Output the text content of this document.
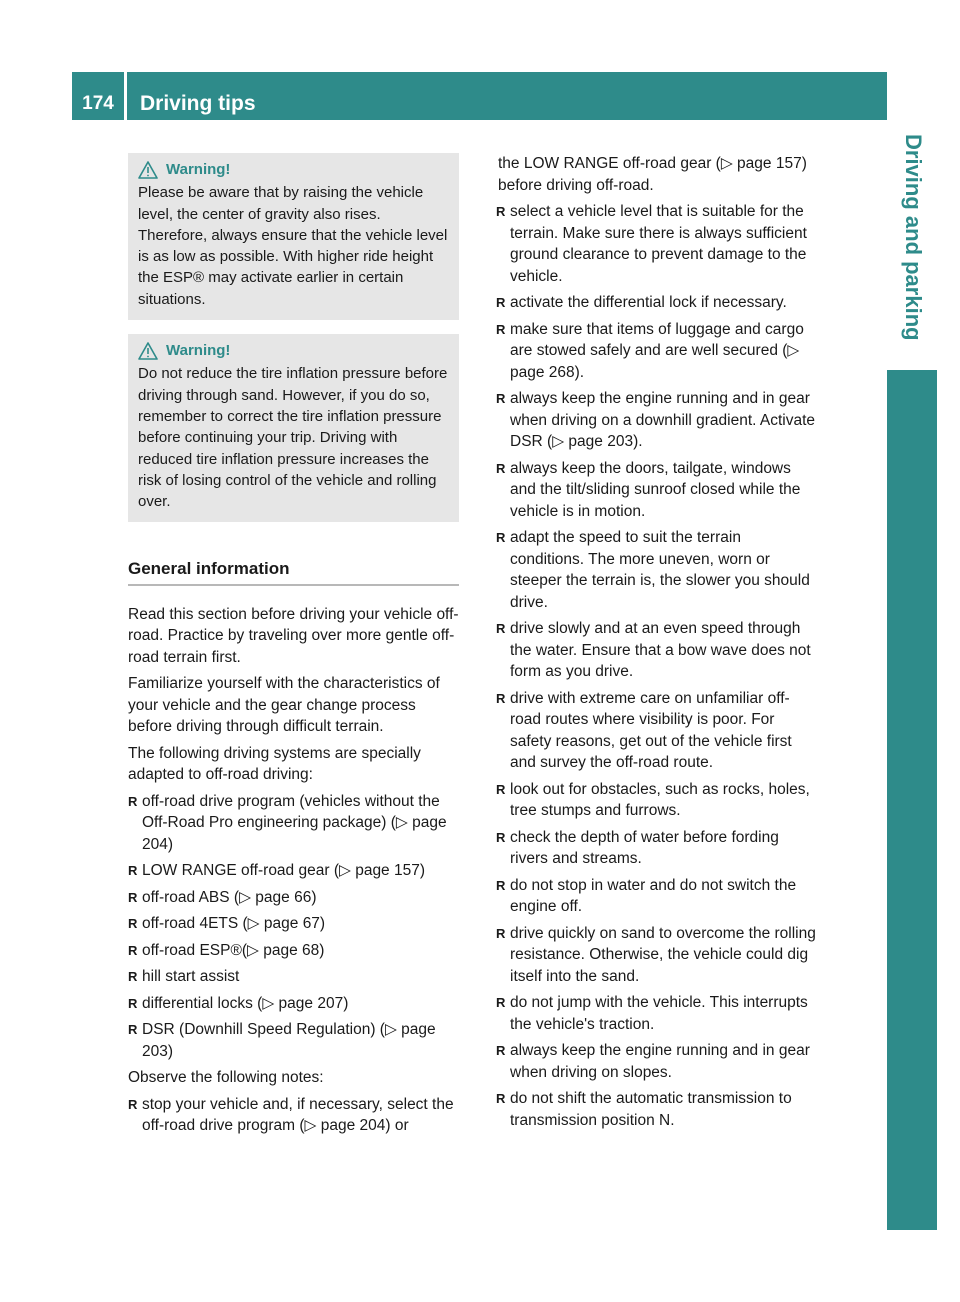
174	Driving tips
Driving and parking
Warning!

Please be aware that by raising the vehicle level, the center of gravity also rises. Therefore, always ensure that the vehicle level is as low as possible. With higher ride height the ESP® may activate earlier in certain situations.

Warning!

Do not reduce the tire inflation pressure before driving through sand. However, if you do so, remember to correct the tire inflation pressure before continuing your trip. Driving with reduced tire inflation pressure increases the risk of losing control of the vehicle and rolling over.

General information

Read this section before driving your vehicle off-road. Practice by traveling over more gentle off-road terrain first.

Familiarize yourself with the characteristics of your vehicle and the gear change process before driving through difficult terrain.

The following driving systems are specially adapted to off-road driving:

R off-road drive program (vehicles without the Off-Road Pro engineering package) (▷ page 204)
R LOW RANGE off-road gear (▷ page 157)
R off-road ABS (▷ page 66)
R off-road 4ETS (▷ page 67)
R off-road ESP®(▷ page 68)
R hill start assist
R differential locks (▷ page 207)
R DSR (Downhill Speed Regulation) (▷ page 203)

Observe the following notes:

R stop your vehicle and, if necessary, select the off-road drive program (▷ page 204) or
the LOW RANGE off-road gear (▷ page 157) before driving off-road.
R select a vehicle level that is suitable for the terrain. Make sure there is always sufficient ground clearance to prevent damage to the vehicle.
R activate the differential lock if necessary.
R make sure that items of luggage and cargo are stowed safely and are well secured (▷ page 268).
R always keep the engine running and in gear when driving on a downhill gradient. Activate DSR (▷ page 203).
R always keep the doors, tailgate, windows and the tilt/sliding sunroof closed while the vehicle is in motion.
R adapt the speed to suit the terrain conditions. The more uneven, worn or steeper the terrain is, the slower you should drive.
R drive slowly and at an even speed through the water. Ensure that a bow wave does not form as you drive.
R drive with extreme care on unfamiliar off-road routes where visibility is poor. For safety reasons, get out of the vehicle first and survey the off-road route.
R look out for obstacles, such as rocks, holes, tree stumps and furrows.
R check the depth of water before fording rivers and streams.
R do not stop in water and do not switch the engine off.
R drive quickly on sand to overcome the rolling resistance. Otherwise, the vehicle could dig itself into the sand.
R do not jump with the vehicle. This interrupts the vehicle's traction.
R always keep the engine running and in gear when driving on slopes.
R do not shift the automatic transmission to transmission position N.
